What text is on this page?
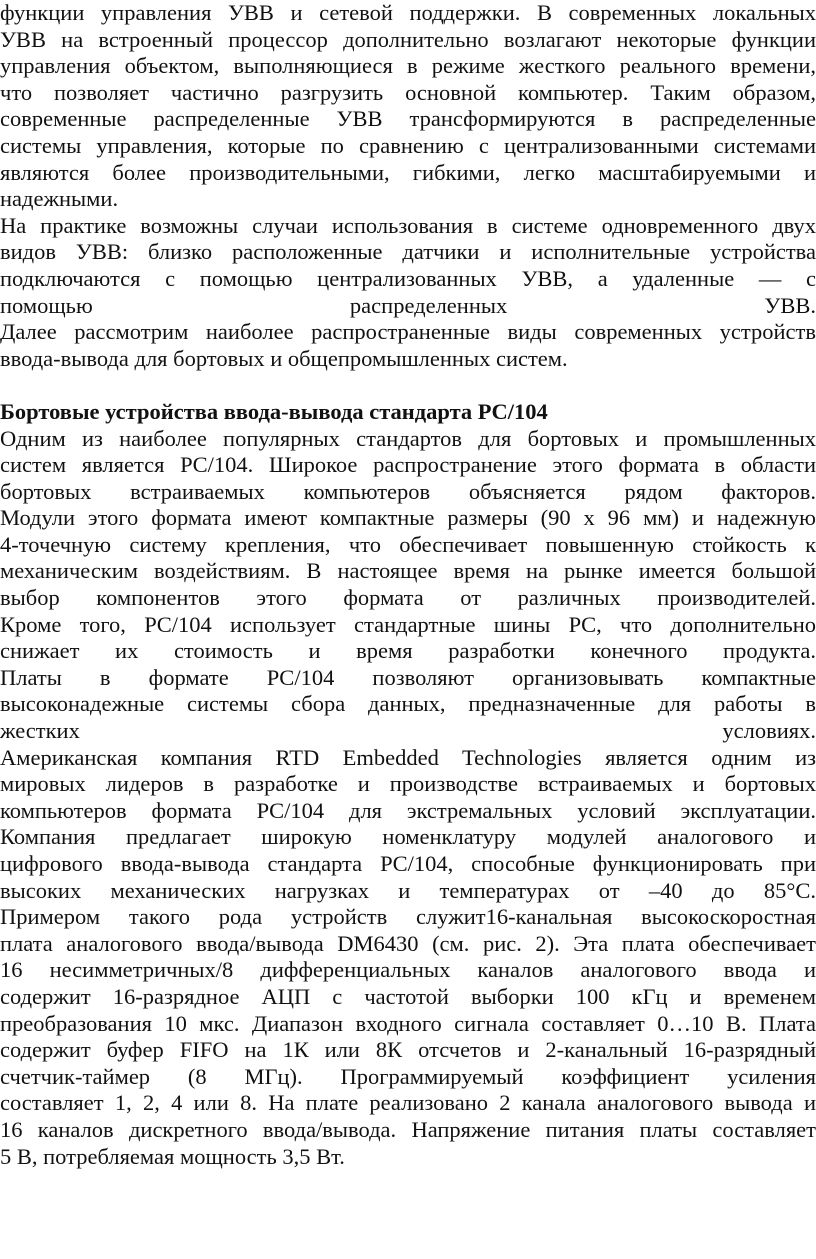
функции управления УВВ и сетевой поддержки. В современных локальных
УВВ на встроенный процессор дополнительно возлагают некоторые функции
управления объектом, выполняющиеся в режиме жесткого реального времени,
что позволяет частично разгрузить основной компьютер. Таким образом,
современные распределенные УВВ трансформируются в распределенные
системы управления, которые по сравнению с централизованными системами
являются более производительными, гибкими, легко масштабируемыми и
надежными.
На практике возможны случаи использования в системе одновременного двух
видов УВВ: близко расположенные датчики и исполнительные устройства
подключаются с помощью централизованных УВВ, а удаленные — с
помощью распределенных УВВ.
Далее рассмотрим наиболее распространенные виды современных устройств
ввода-вывода для бортовых и общепромышленных систем.
Бортовые устройства ввода-вывода стандарта PC/104
Одним из наиболее популярных стандартов для бортовых и промышленных
систем является PC/104. Широкое распространение этого формата в области
бортовых встраиваемых компьютеров объясняется рядом факторов.
Модули этого формата имеют компактные размеры (90 х 96 мм) и надежную
4-точечную систему крепления, что обеспечивает повышенную стойкость к
механическим воздействиям. В настоящее время на рынке имеется большой
выбор компонентов этого формата от различных производителей.
Кроме того, PC/104 использует стандартные шины PC, что дополнительно
снижает их стоимость и время разработки конечного продукта.
Платы в формате PC/104 позволяют организовывать компактные
высоконадежные системы сбора данных, предназначенные для работы в
жестких условиях.
Американская компания RTD Embedded Technologies является одним из
мировых лидеров в разработке и производстве встраиваемых и бортовых
компьютеров формата PC/104 для экстремальных условий эксплуатации.
Компания предлагает широкую номенклатуру модулей аналогового и
цифрового ввода-вывода стандарта PC/104, способные функционировать при
высоких механических нагрузках и температурах от –40 до 85°С.
Примером такого рода устройств служит16-канальная высокоскоростная
плата аналогового ввода/вывода DM6430 (см. рис. 2). Эта плата обеспечивает
16 несимметричных/8 дифференциальных каналов аналогового ввода и
содержит 16-разрядное АЦП с частотой выборки 100 кГц и временем
преобразования 10 мкс. Диапазон входного сигнала составляет 0…10 В. Плата
содержит буфер FIFO на 1К или 8К отсчетов и 2-канальный 16-разрядный
счетчик-таймер (8 МГц). Программируемый коэффициент усиления
составляет 1, 2, 4 или 8. На плате реализовано 2 канала аналогового вывода и
16 каналов дискретного ввода/вывода. Напряжение питания платы составляет
5 В, потребляемая мощность 3,5 Вт.
